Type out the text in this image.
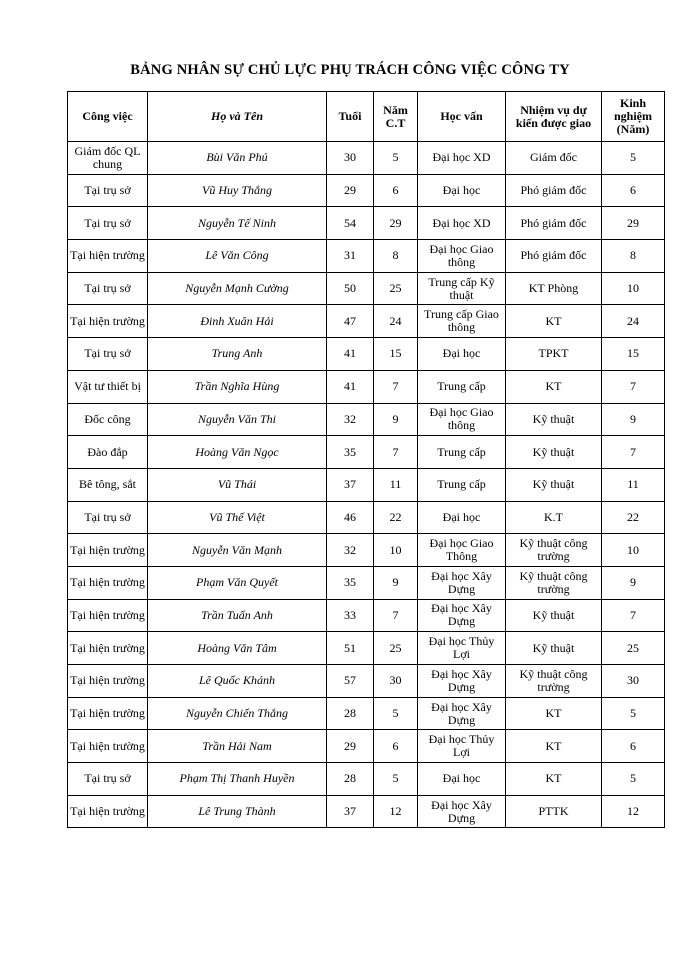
BẢNG NHÂN SỰ CHỦ LỰC PHỤ TRÁCH CÔNG VIỆC CÔNG TY
Công việc	Họ và Tên	Tuổi	Năm C.T	Học vấn	Nhiệm vụ dự kiến được giao	Kinh nghiệm (Năm)
Giám đốc QL chung	Bùi Văn Phú	30	5	Đại học XD	Giám đốc	5
Tại trụ sở	Vũ Huy Thắng	29	6	Đại học	Phó giám đốc	6
Tại trụ sở	Nguyễn Tế Ninh	54	29	Đại học XD	Phó giám đốc	29
Tại hiện trường	Lê Văn Công	31	8	Đại học Giao thông	Phó giám đốc	8
Tại trụ sở	Nguyễn Mạnh Cường	50	25	Trung cấp Kỹ thuật	KT Phòng	10
Tại hiện trường	Đinh Xuân Hải	47	24	Trung cấp Giao thông	KT	24
Tại trụ sở	Trung Anh	41	15	Đại học	TPKT	15
Vật tư thiết bị	Trần Nghĩa Hùng	41	7	Trung cấp	KT	7
Đốc công	Nguyễn Văn Thi	32	9	Đại học Giao thông	Kỹ thuật	9
Đào đắp	Hoàng Văn Ngọc	35	7	Trung cấp	Kỹ thuật	7
Bê tông, sắt	Vũ Thái	37	11	Trung cấp	Kỹ thuật	11
Tại trụ sở	Vũ Thế Việt	46	22	Đại học	K.T	22
Tại hiện trường	Nguyễn Văn Mạnh	32	10	Đại học Giao Thông	Kỹ thuật công trường	10
Tại hiện trường	Phạm Văn Quyết	35	9	Đại học Xây Dựng	Kỹ thuật công trường	9
Tại hiện trường	Trần Tuấn Anh	33	7	Đại học Xây Dựng	Kỹ thuật	7
Tại hiện trường	Hoàng Văn Tâm	51	25	Đại học Thủy Lợi	Kỹ thuật	25
Tại hiện trường	Lê Quốc Khánh	57	30	Đại học Xây Dựng	Kỹ thuật công trường	30
Tại hiện trường	Nguyễn Chiến Thắng	28	5	Đại học Xây Dựng	KT	5
Tại hiện trường	Trần Hải Nam	29	6	Đại học Thủy Lợi	KT	6
Tại trụ sở	Phạm Thị Thanh Huyền	28	5	Đại học	KT	5
Tại hiện trường	Lê Trung Thành	37	12	Đại học Xây Dựng	PTTK	12
